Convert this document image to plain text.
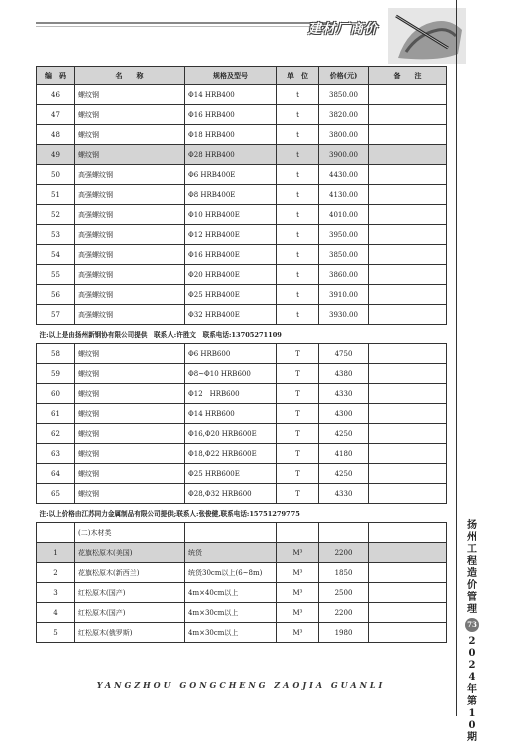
建材厂商价
编　码	名　　称	规格及型号	单　位	价格(元)	备　　注
46	螺纹钢	Φ14 HRB400	t	3850.00	
47	螺纹钢	Φ16 HRB400	t	3820.00	
48	螺纹钢	Φ18 HRB400	t	3800.00	
49	螺纹钢	Φ28 HRB400	t	3900.00	
50	高强螺纹钢	Φ6 HRB400E	t	4430.00	
51	高强螺纹钢	Φ8 HRB400E	t	4130.00	
52	高强螺纹钢	Φ10 HRB400E	t	4010.00	
53	高强螺纹钢	Φ12 HRB400E	t	3950.00	
54	高强螺纹钢	Φ16 HRB400E	t	3850.00	
55	高强螺纹钢	Φ20 HRB400E	t	3860.00	
56	高强螺纹钢	Φ25 HRB400E	t	3910.00	
57	高强螺纹钢	Φ32 HRB400E	t	3930.00	
注:以上是由扬州新钢协有限公司提供　联系人:许胜文　联系电话:13705271109					
58	螺纹钢	Φ6 HRB600	T	4750	
59	螺纹钢	Φ8~Φ10 HRB600	T	4380	
60	螺纹钢	Φ12　HRB600	T	4330	
61	螺纹钢	Φ14 HRB600	T	4300	
62	螺纹钢	Φ16,Φ20 HRB600E	T	4250	
63	螺纹钢	Φ18,Φ22 HRB600E	T	4180	
64	螺纹钢	Φ25 HRB600E	T	4250	
65	螺纹钢	Φ28,Φ32 HRB600	T	4330	
注:以上价格由江苏同力金属制品有限公司提供;联系人:张俊健,联系电话:15751279775					
	(二)木材类				
1	花旗松原木(美国)	统货	M³	2200	
2	花旗松原木(新西兰)	统货30cm以上(6~8m)	M³	1850	
3	红松原木(国产)	4m×40cm以上	M³	2500	
4	红松原木(国产)	4m×30cm以上	M³	2200	
5	红松原木(俄罗斯)	4m×30cm以上	M³	1980	
扬
州
工
程
造
价
管
理
73
2
0
2
4
年
第
1
0
期
YANGZHOU GONGCHENG ZAOJIA GUANLI
